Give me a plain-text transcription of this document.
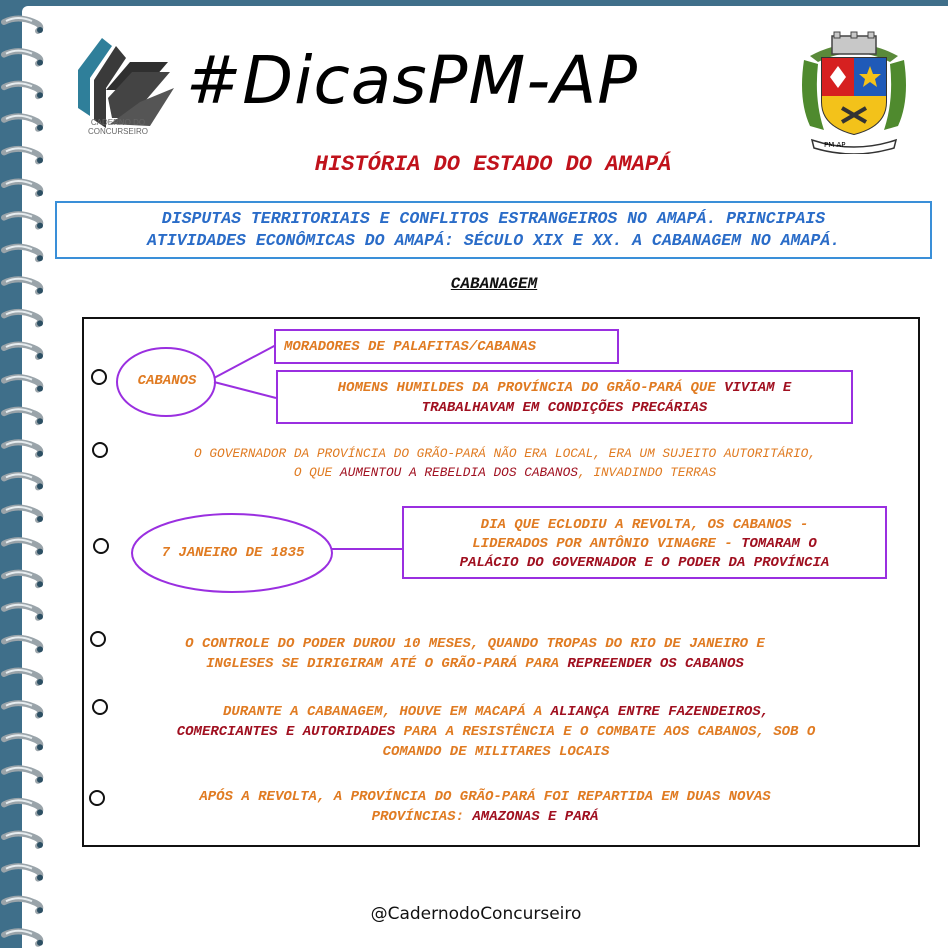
CADERNO DO
CONCURSEIRO
#DicasPM-AP
PM AP
HISTÓRIA DO ESTADO DO AMAPÁ
DISPUTAS TERRITORIAIS E CONFLITOS ESTRANGEIROS NO AMAPÁ. PRINCIPAIS
ATIVIDADES ECONÔMICAS DO AMAPÁ: SÉCULO XIX E XX. A CABANAGEM NO AMAPÁ.
CABANAGEM
CABANOS
MORADORES DE PALAFITAS/CABANAS
HOMENS HUMILDES DA PROVÍNCIA DO GRÃO-PARÁ QUE VIVIAM E
TRABALHAVAM EM CONDIÇÕES PRECÁRIAS
O GOVERNADOR DA PROVÍNCIA DO GRÃO-PARÁ NÃO ERA LOCAL, ERA UM SUJEITO AUTORITÁRIO,
O QUE AUMENTOU A REBELDIA DOS CABANOS, INVADINDO TERRAS
7 JANEIRO DE 1835
DIA QUE ECLODIU A REVOLTA, OS CABANOS -
LIDERADOS POR ANTÔNIO VINAGRE - TOMARAM O
PALÁCIO DO GOVERNADOR E O PODER DA PROVÍNCIA
O CONTROLE DO PODER DUROU 10 MESES, QUANDO TROPAS DO RIO DE JANEIRO E
INGLESES SE DIRIGIRAM ATÉ O GRÃO-PARÁ PARA REPREENDER OS CABANOS
DURANTE A CABANAGEM, HOUVE EM MACAPÁ A ALIANÇA ENTRE FAZENDEIROS,
COMERCIANTES E AUTORIDADES PARA A RESISTÊNCIA E O COMBATE AOS CABANOS, SOB O
COMANDO DE MILITARES LOCAIS
APÓS A REVOLTA, A PROVÍNCIA DO GRÃO-PARÁ FOI REPARTIDA EM DUAS NOVAS
PROVÍNCIAS: AMAZONAS E PARÁ
@CadernodoConcurseiro
